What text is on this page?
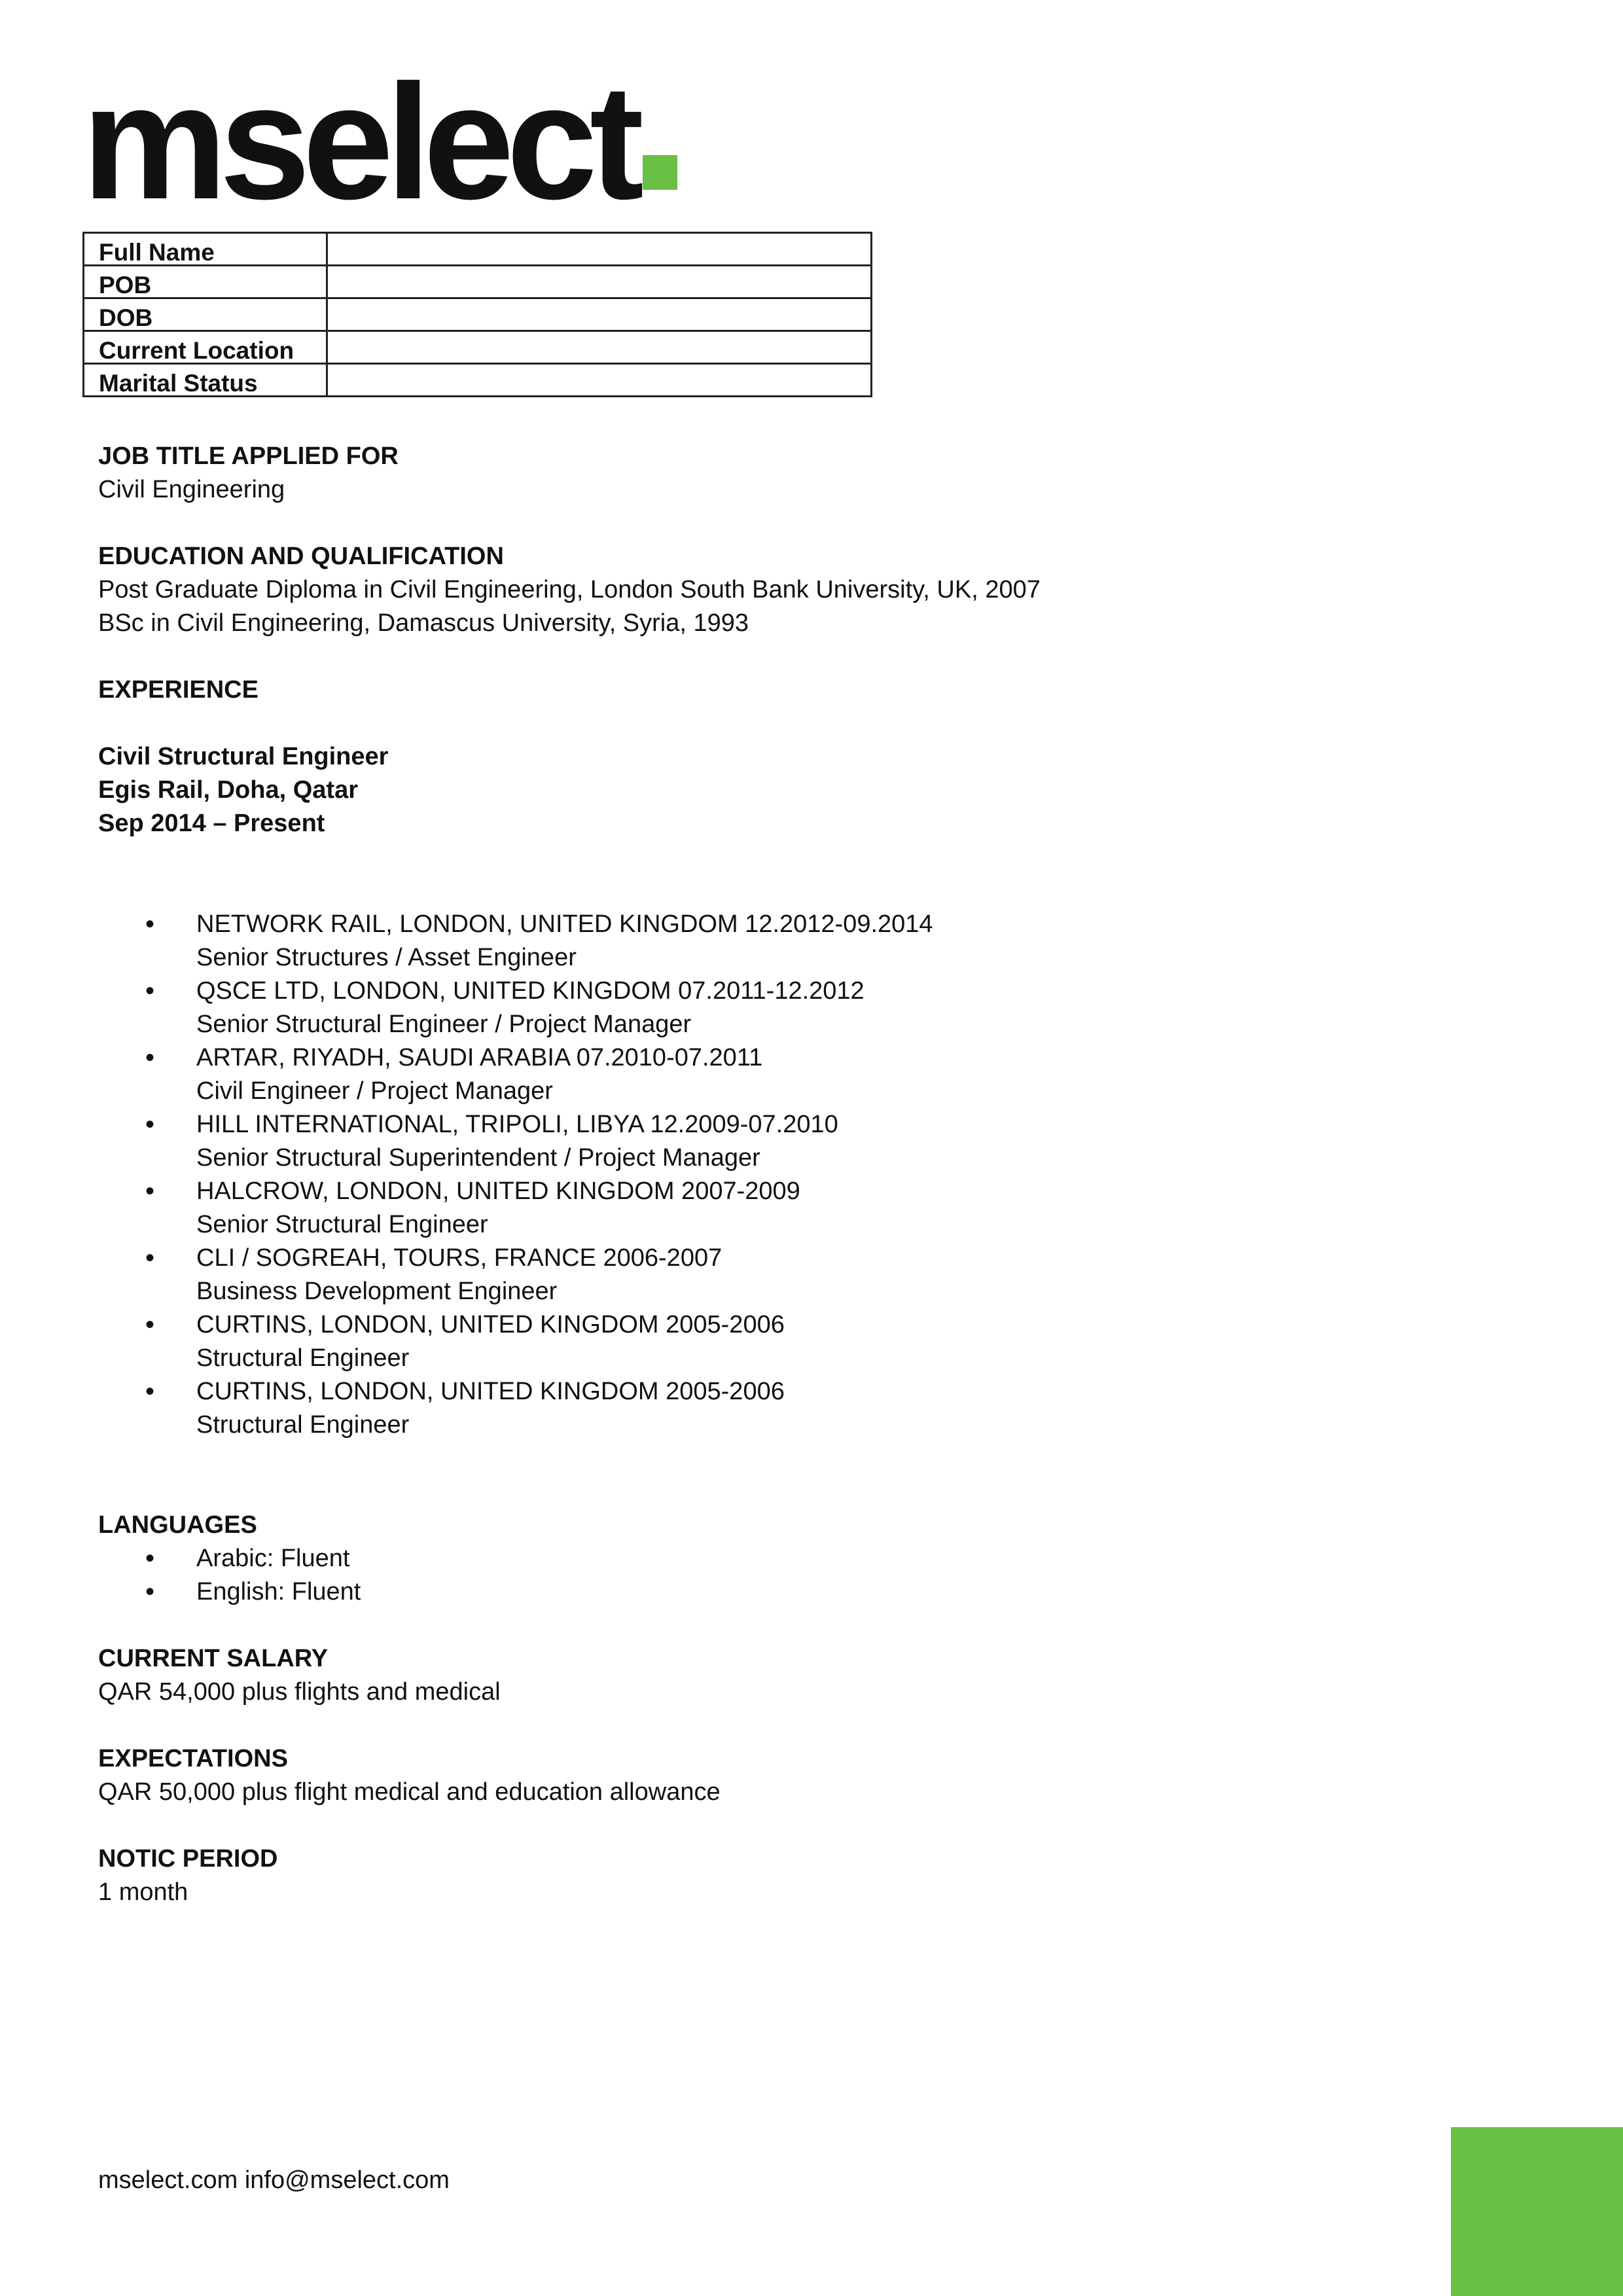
mselect
Full Name	
POB	
DOB	
Current Location	
Marital Status	
JOB TITLE APPLIED FOR
Civil Engineering
EDUCATION AND QUALIFICATION
Post Graduate Diploma in Civil Engineering, London South Bank University, UK, 2007
BSc in Civil Engineering, Damascus University, Syria, 1993
EXPERIENCE
Civil Structural Engineer
Egis Rail, Doha, Qatar
Sep 2014 – Present
• NETWORK RAIL, LONDON, UNITED KINGDOM 12.2012-09.2014
Senior Structures / Asset Engineer
• QSCE LTD, LONDON, UNITED KINGDOM 07.2011-12.2012
Senior Structural Engineer / Project Manager
• ARTAR, RIYADH, SAUDI ARABIA 07.2010-07.2011
Civil Engineer / Project Manager
• HILL INTERNATIONAL, TRIPOLI, LIBYA 12.2009-07.2010
Senior Structural Superintendent / Project Manager
• HALCROW, LONDON, UNITED KINGDOM 2007-2009
Senior Structural Engineer
• CLI / SOGREAH, TOURS, FRANCE 2006-2007
Business Development Engineer
• CURTINS, LONDON, UNITED KINGDOM 2005-2006
Structural Engineer
• CURTINS, LONDON, UNITED KINGDOM 2005-2006
Structural Engineer
LANGUAGES
• Arabic: Fluent
• English: Fluent
CURRENT SALARY
QAR 54,000 plus flights and medical
EXPECTATIONS
QAR 50,000 plus flight medical and education allowance
NOTIC PERIOD
1 month
mselect.com info@mselect.com
